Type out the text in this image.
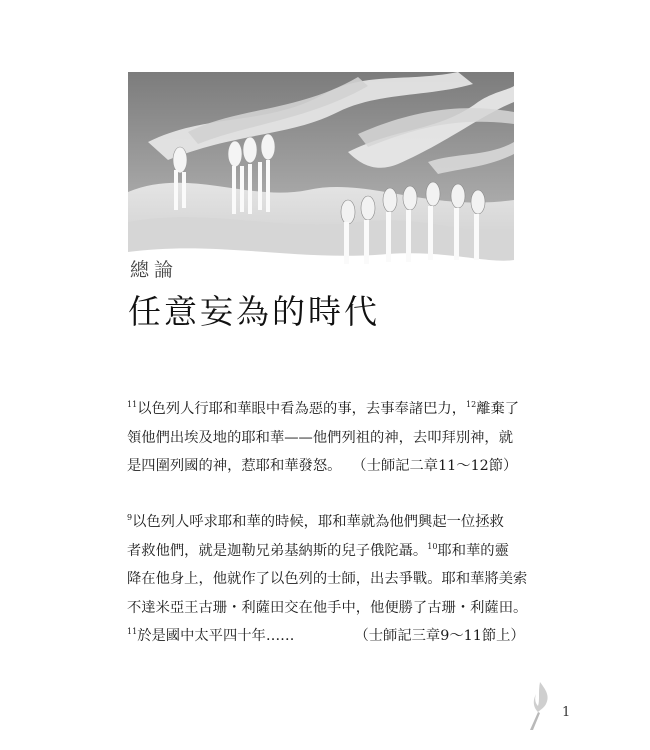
總論
任意妄為的時代
$^{11}$以色列人行耶和華眼中看為惡的事，去事奉諸巴力，$^{12}$離棄了
領他們出埃及地的耶和華——他們列祖的神，去叩拜別神，就
是四圍列國的神，惹耶和華發怒。 （士師記二章11～12節）
$^9$以色列人呼求耶和華的時候，耶和華就為他們興起一位拯救
者救他們，就是迦勒兄弟基納斯的兒子俄陀聶。$^{10}$耶和華的靈
降在他身上，他就作了以色列的士師，出去爭戰。耶和華將美索
不達米亞王古珊・利薩田交在他手中，他便勝了古珊・利薩田。
$^{11}$於是國中太平四十年……	（士師記三章9～11節上）
1
